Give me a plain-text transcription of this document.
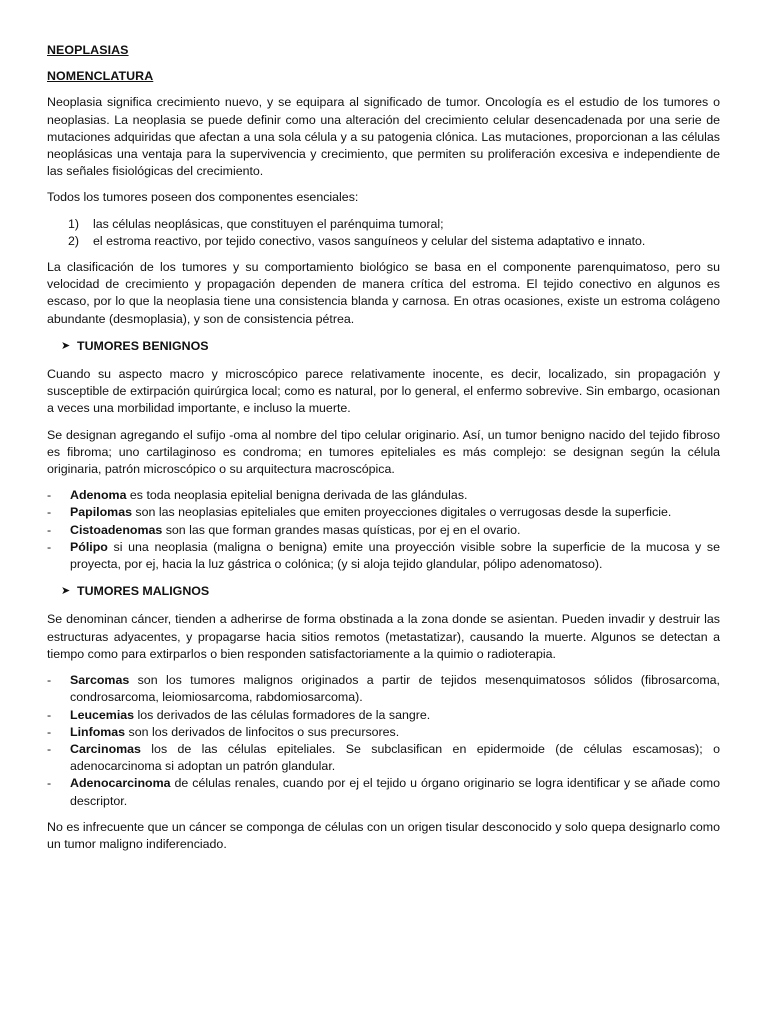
NEOPLASIAS
NOMENCLATURA

Neoplasia significa crecimiento nuevo, y se equipara al significado de tumor. Oncología es el estudio de los tumores o neoplasias. La neoplasia se puede definir como una alteración del crecimiento celular desencadenada por una serie de mutaciones adquiridas que afectan a una sola célula y a su patogenia clónica. Las mutaciones, proporcionan a las células neoplásicas una ventaja para la supervivencia y crecimiento, que permiten su proliferación excesiva e independiente de las señales fisiológicas del crecimiento.

Todos los tumores poseen dos componentes esenciales:

1)	las células neoplásicas, que constituyen el parénquima tumoral;
2)	el estroma reactivo, por tejido conectivo, vasos sanguíneos y celular del sistema adaptativo e innato.

La clasificación de los tumores y su comportamiento biológico se basa en el componente parenquimatoso, pero su velocidad de crecimiento y propagación dependen de manera crítica del estroma. El tejido conectivo en algunos es escaso, por lo que la neoplasia tiene una consistencia blanda y carnosa. En otras ocasiones, existe un estroma colágeno abundante (desmoplasia), y son de consistencia pétrea.

➤ TUMORES BENIGNOS

Cuando su aspecto macro y microscópico parece relativamente inocente, es decir, localizado, sin propagación y susceptible de extirpación quirúrgica local; como es natural, por lo general, el enfermo sobrevive. Sin embargo, ocasionan a veces una morbilidad importante, e incluso la muerte.

Se designan agregando el sufijo -oma al nombre del tipo celular originario. Así, un tumor benigno nacido del tejido fibroso es fibroma; uno cartilaginoso es condroma; en tumores epiteliales es más complejo: se designan según la célula originaria, patrón microscópico o su arquitectura macroscópica.

-	Adenoma es toda neoplasia epitelial benigna derivada de las glándulas.
-	Papilomas son las neoplasias epiteliales que emiten proyecciones digitales o verrugosas desde la superficie.
-	Cistoadenomas son las que forman grandes masas quísticas, por ej en el ovario.
-	Pólipo si una neoplasia (maligna o benigna) emite una proyección visible sobre la superficie de la mucosa y se proyecta, por ej, hacia la luz gástrica o colónica; (y si aloja tejido glandular, pólipo adenomatoso).
➤ TUMORES MALIGNOS

Se denominan cáncer, tienden a adherirse de forma obstinada a la zona donde se asientan. Pueden invadir y destruir las estructuras adyacentes, y propagarse hacia sitios remotos (metastatizar), causando la muerte. Algunos se detectan a tiempo como para extirparlos o bien responden satisfactoriamente a la quimio o radioterapia.

-	Sarcomas son los tumores malignos originados a partir de tejidos mesenquimatosos sólidos (fibrosarcoma, condrosarcoma, leiomiosarcoma, rabdomiosarcoma).
-	Leucemias los derivados de las células formadores de la sangre.
-	Linfomas son los derivados de linfocitos o sus precursores.
-	Carcinomas los de las células epiteliales. Se subclasifican en epidermoide (de células escamosas); o adenocarcinoma si adoptan un patrón glandular.
-	Adenocarcinoma de células renales, cuando por ej el tejido u órgano originario se logra identificar y se añade como descriptor.

No es infrecuente que un cáncer se componga de células con un origen tisular desconocido y solo quepa designarlo como un tumor maligno indiferenciado.
